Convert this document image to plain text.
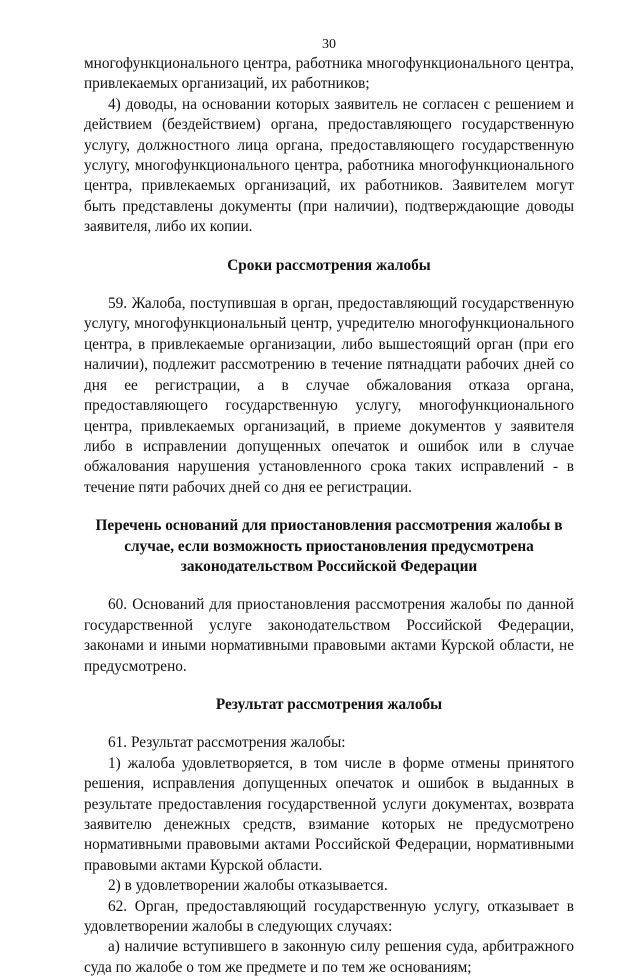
30

многофункционального центра, работника многофункционального центра, привлекаемых организаций, их работников;

4) доводы, на основании которых заявитель не согласен с решением и действием (бездействием) органа, предоставляющего государственную услугу, должностного лица органа, предоставляющего государственную услугу, многофункционального центра, работника многофункционального центра, привлекаемых организаций, их работников. Заявителем могут быть представлены документы (при наличии), подтверждающие доводы заявителя, либо их копии.

Сроки рассмотрения жалобы

59. Жалоба, поступившая в орган, предоставляющий государственную услугу, многофункциональный центр, учредителю многофункционального центра, в привлекаемые организации, либо вышестоящий орган (при его наличии), подлежит рассмотрению в течение пятнадцати рабочих дней со дня ее регистрации, а в случае обжалования отказа органа, предоставляющего государственную услугу, многофункционального центра, привлекаемых организаций, в приеме документов у заявителя либо в исправлении допущенных опечаток и ошибок или в случае обжалования нарушения установленного срока таких исправлений - в течение пяти рабочих дней со дня ее регистрации.

Перечень оснований для приостановления рассмотрения жалобы в случае, если возможность приостановления предусмотрена законодательством Российской Федерации

60. Оснований для приостановления рассмотрения жалобы по данной государственной услуге законодательством Российской Федерации, законами и иными нормативными правовыми актами Курской области, не предусмотрено.

Результат рассмотрения жалобы

61. Результат рассмотрения жалобы:

1) жалоба удовлетворяется, в том числе в форме отмены принятого решения, исправления допущенных опечаток и ошибок в выданных в результате предоставления государственной услуги документах, возврата заявителю денежных средств, взимание которых не предусмотрено нормативными правовыми актами Российской Федерации, нормативными правовыми актами Курской области.

2) в удовлетворении жалобы отказывается.

62. Орган, предоставляющий государственную услугу, отказывает в удовлетворении жалобы в следующих случаях:

а) наличие вступившего в законную силу решения суда, арбитражного суда по жалобе о том же предмете и по тем же основаниям;
